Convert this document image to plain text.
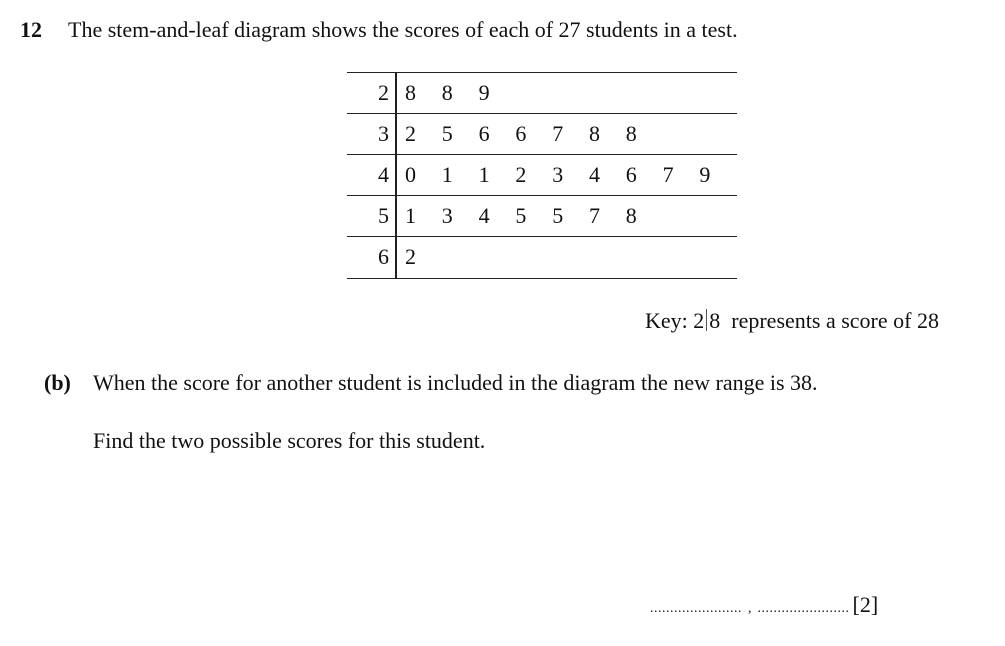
12 The stem-and-leaf diagram shows the scores of each of 27 students in a test.
2 8	8	9
3 2	5	6	6	7	8	8
4 0	1	1	2	3	4	6	7	9
5 1	3	4	5	5	7	8
6 2
Key: 2 8 represents a score of 28
(b) When the score for another student is included in the diagram the new range is 38.
Find the two possible scores for this student.
....................... , ....................... [2]
